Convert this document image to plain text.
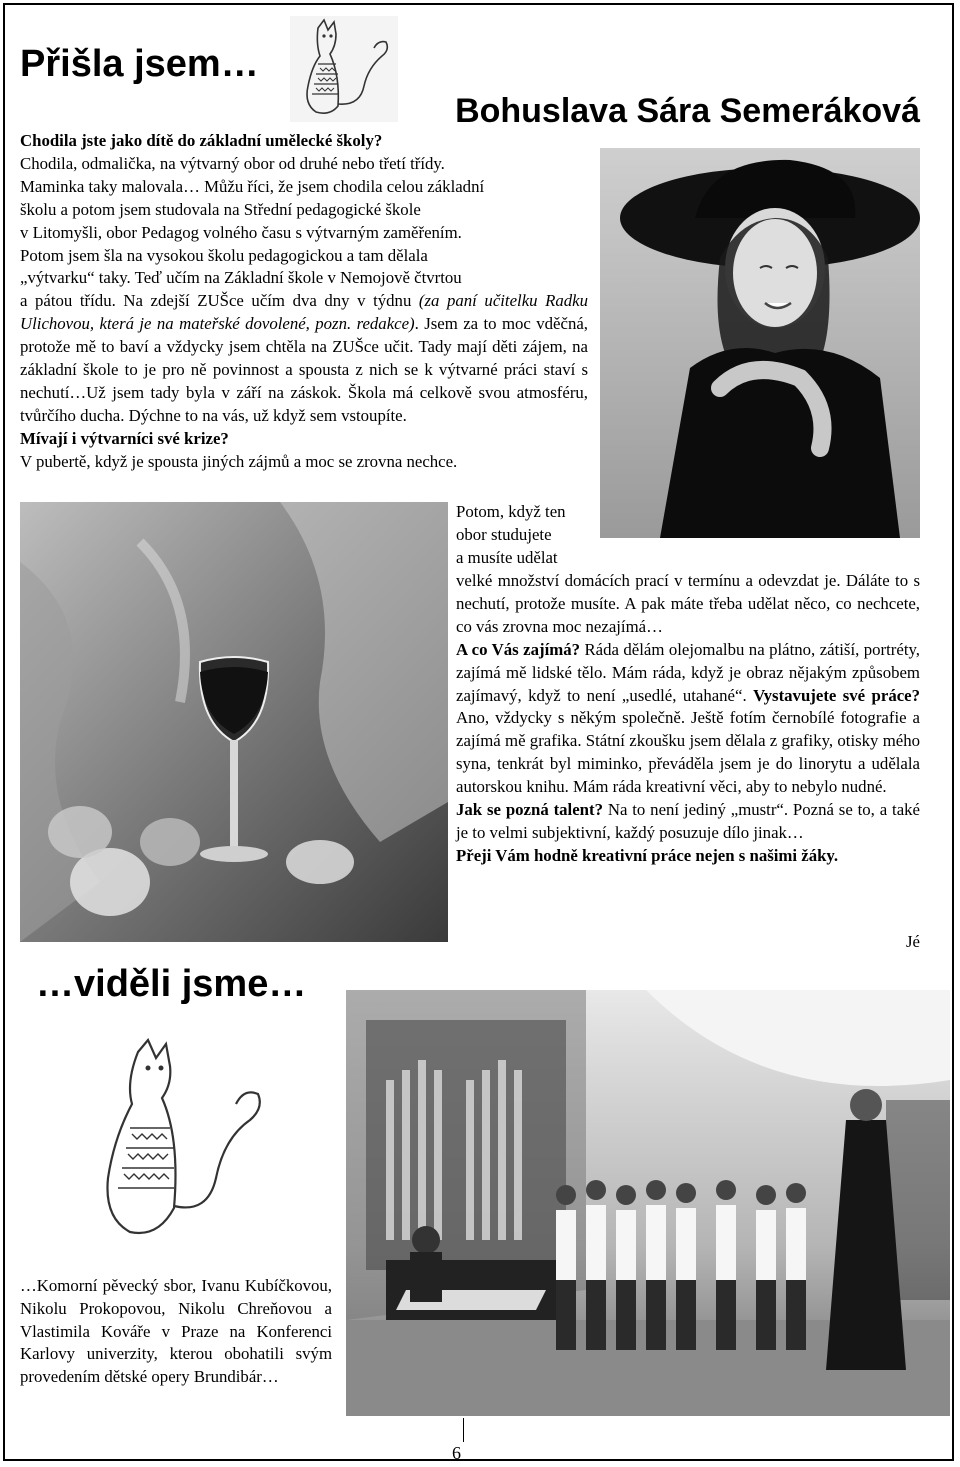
Přišla jsem…
Bohuslava Sára Semeráková

Chodila jste jako dítě do základní umělecké školy?

Chodila, odmalička, na výtvarný obor od druhé nebo třetí třídy.

Maminka taky malovala… Můžu říci, že jsem chodila celou základní

školu a potom jsem studovala na Střední pedagogické škole

v Litomyšli, obor Pedagog volného času s výtvarným zaměřením.

Potom jsem šla na vysokou školu pedagogickou a tam dělala

„výtvarku“ taky. Teď učím na Základní škole v Nemojově čtvrtou

a pátou třídu. Na zdejší ZUŠce učím dva dny v týdnu (za paní učitelku Radku Ulichovou, která je na mateřské dovolené, pozn. redakce). Jsem za to moc vděčná, protože mě to baví a vždycky jsem chtěla na ZUŠce učit. Tady mají děti zájem, na základní škole to je pro ně povinnost a spousta z nich se k výtvarné práci staví s nechutí…Už jsem tady byla v září na záskok. Škola má celkově svou atmosféru, tvůrčího ducha. Dýchne to na vás, už když sem vstoupíte.

Mívají i výtvarníci své krize?

V pubertě, když je spousta jiných zájmů a moc se zrovna nechce.

Potom, když ten

obor studujete

a musíte udělat

velké množství domácích prací v termínu a odevzdat je. Dáláte to s nechutí, protože musíte. A pak máte třeba udělat něco, co nechcete, co vás zrovna moc nezajímá…

A co Vás zajímá? Ráda dělám olejomalbu na plátno, zátiší, portréty, zajímá mě lidské tělo. Mám ráda, když je obraz nějakým způsobem zajímavý, když to není „usedlé, utahané“. Vystavujete své práce? Ano, vždycky s někým společně. Ještě fotím černobílé fotografie a zajímá mě grafika. Státní zkoušku jsem dělala z grafiky, otisky mého syna, tenkrát byl miminko, převáděla jsem je do linorytu a udělala autorskou knihu. Mám ráda kreativní věci, aby to nebylo nudné.

Jak se pozná talent? Na to není jediný „mustr“. Pozná se to, a také je to velmi subjektivní, každý posuzuje dílo jinak…

Přeji Vám hodně kreativní práce nejen s našimi žáky.

Jé
…viděli jsme…
…Komorní pěvecký sbor, Ivanu Kubíčkovou, Nikolu Prokopovou, Nikolu Chreňovou a Vlastimila Kováře v Praze na Konferenci Karlovy univerzity, kterou obohatili svým provedením dětské opery Brundibár…
6
